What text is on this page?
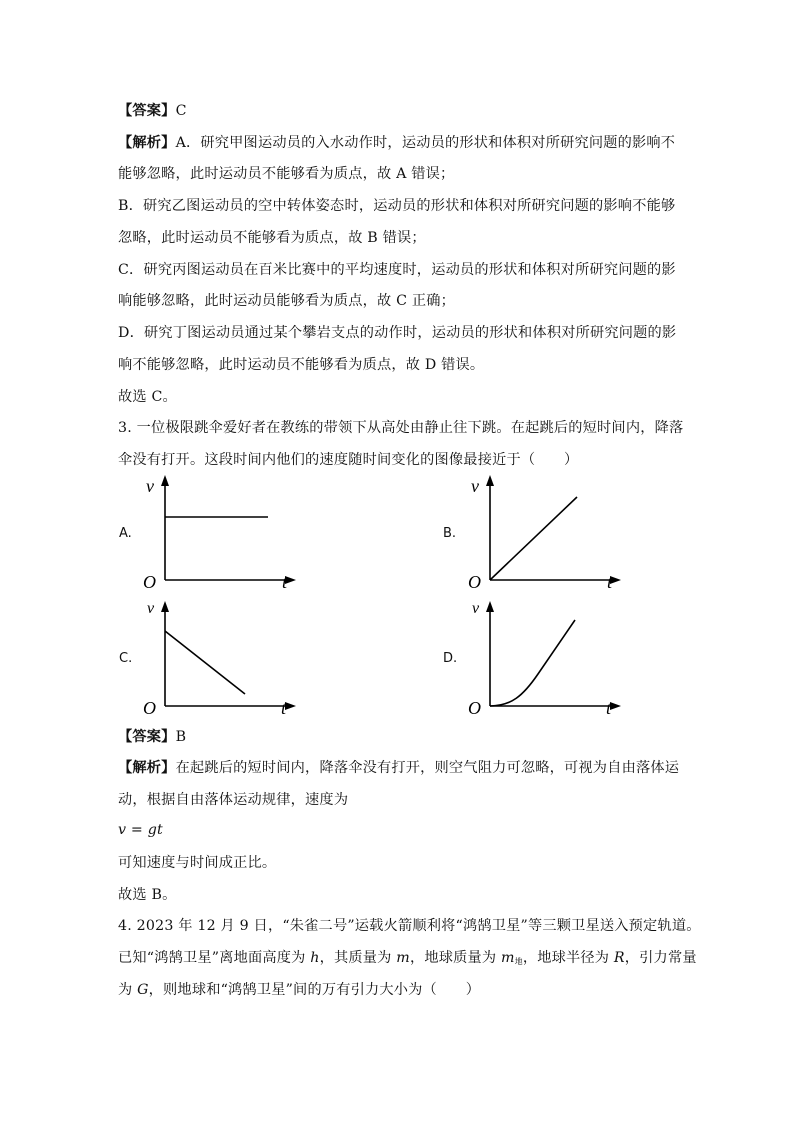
【答案】C
【解析】A．研究甲图运动员的入水动作时，运动员的形状和体积对所研究问题的影响不
能够忽略，此时运动员不能够看为质点，故 A 错误；
B．研究乙图运动员的空中转体姿态时，运动员的形状和体积对所研究问题的影响不能够
忽略，此时运动员不能够看为质点，故 B 错误；
C．研究丙图运动员在百米比赛中的平均速度时，运动员的形状和体积对所研究问题的影
响能够忽略，此时运动员能够看为质点，故 C 正确；
D．研究丁图运动员通过某个攀岩支点的动作时，运动员的形状和体积对所研究问题的影
响不能够忽略，此时运动员不能够看为质点，故 D 错误。
故选 C。
3. 一位极限跳伞爱好者在教练的带领下从高处由静止往下跳。在起跳后的短时间内，降落
伞没有打开。这段时间内他们的速度随时间变化的图像最接近于（　　）
A.
v
t
O
B.
v
t
O
C.
v
t
O
D.
v
t
O
【答案】B
【解析】在起跳后的短时间内，降落伞没有打开，则空气阻力可忽略，可视为自由落体运
动，根据自由落体运动规律，速度为
v = gt
可知速度与时间成正比。
故选 B。
4. 2023 年 12 月 9 日，“朱雀二号”运载火箭顺利将“鸿鹄卫星”等三颗卫星送入预定轨道。
已知“鸿鹄卫星”离地面高度为 h，其质量为 m，地球质量为 $m_地$，地球半径为 R，引力常量
为 G，则地球和“鸿鹄卫星”间的万有引力大小为（　　）
